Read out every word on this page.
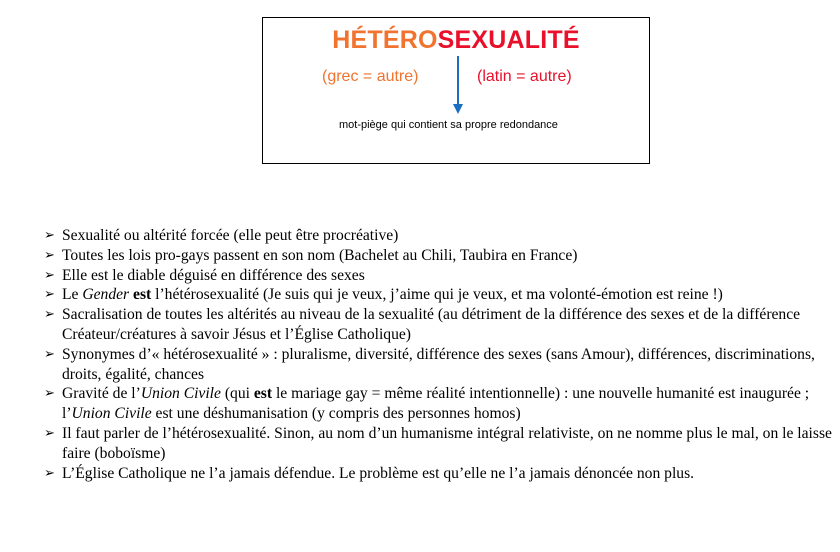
HÉTÉROSEXUALITÉ
(grec = autre)	(latin = autre)
mot-piège qui contient sa propre redondance
➢ Sexualité ou altérité forcée (elle peut être procréative)
➢ Toutes les lois pro-gays passent en son nom (Bachelet au Chili, Taubira en France)
➢ Elle est le diable déguisé en différence des sexes
➢ Le Gender est l’hétérosexualité (Je suis qui je veux, j’aime qui je veux, et ma volonté-émotion est reine !)
➢ Sacralisation de toutes les altérités au niveau de la sexualité (au détriment de la différence des sexes et de la différence Créateur/créatures à savoir Jésus et l’Église Catholique)
➢ Synonymes d’« hétérosexualité » : pluralisme, diversité, différence des sexes (sans Amour), différences, discriminations, droits, égalité, chances
➢ Gravité de l’Union Civile (qui est le mariage gay = même réalité intentionnelle) : une nouvelle humanité est inaugurée ; l’Union Civile est une déshumanisation (y compris des personnes homos)
➢ Il faut parler de l’hétérosexualité. Sinon, au nom d’un humanisme intégral relativiste, on ne nomme plus le mal, on le laisse faire (boboïsme)
➢ L’Église Catholique ne l’a jamais défendue. Le problème est qu’elle ne l’a jamais dénoncée non plus.
